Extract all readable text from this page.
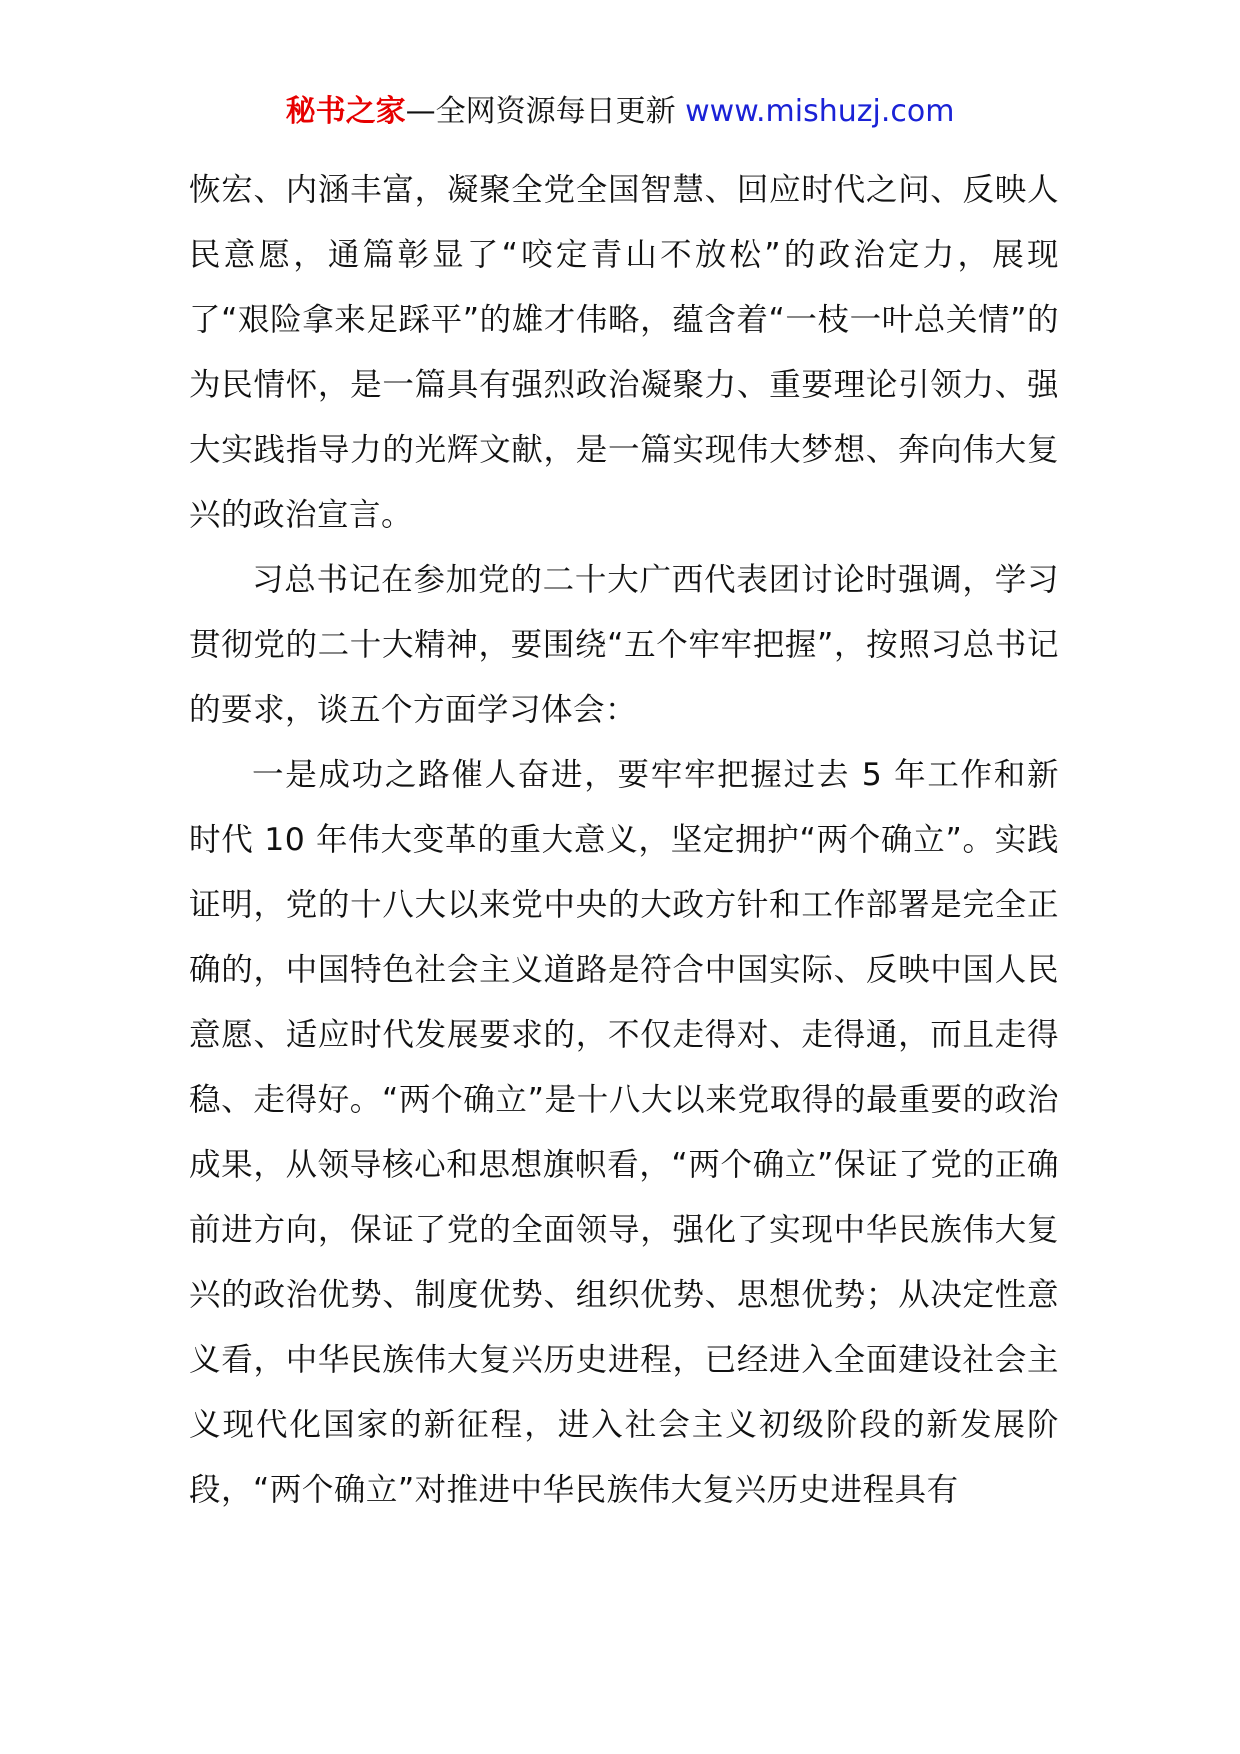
秘书之家—全网资源每日更新 www.mishuzj.com

恢宏、内涵丰富，凝聚全党全国智慧、回应时代之问、反映人民意愿，通篇彰显了“咬定青山不放松”的政治定力，展现了“艰险拿来足踩平”的雄才伟略，蕴含着“一枝一叶总关情”的为民情怀，是一篇具有强烈政治凝聚力、重要理论引领力、强大实践指导力的光辉文献，是一篇实现伟大梦想、奔向伟大复兴的政治宣言。

习总书记在参加党的二十大广西代表团讨论时强调，学习贯彻党的二十大精神，要围绕“五个牢牢把握”，按照习总书记的要求，谈五个方面学习体会：

一是成功之路催人奋进，要牢牢把握过去 5 年工作和新时代 10 年伟大变革的重大意义，坚定拥护“两个确立”。实践证明，党的十八大以来党中央的大政方针和工作部署是完全正确的，中国特色社会主义道路是符合中国实际、反映中国人民意愿、适应时代发展要求的，不仅走得对、走得通，而且走得稳、走得好。“两个确立”是十八大以来党取得的最重要的政治成果，从领导核心和思想旗帜看，“两个确立”保证了党的正确前进方向，保证了党的全面领导，强化了实现中华民族伟大复兴的政治优势、制度优势、组织优势、思想优势；从决定性意义看，中华民族伟大复兴历史进程，已经进入全面建设社会主义现代化国家的新征程，进入社会主义初级阶段的新发展阶段，“两个确立”对推进中华民族伟大复兴历史进程具有
